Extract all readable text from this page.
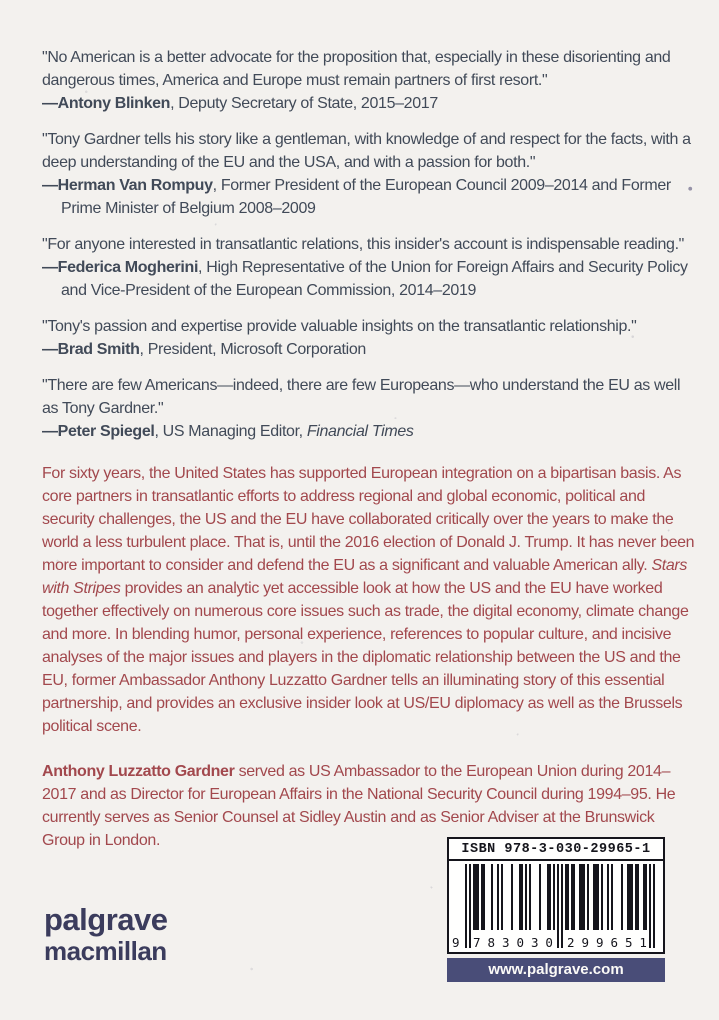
"No American is a better advocate for the proposition that, especially in these disorienting and dangerous times, America and Europe must remain partners of first resort."

—Antony Blinken, Deputy Secretary of State, 2015–2017

"Tony Gardner tells his story like a gentleman, with knowledge of and respect for the facts, with a deep understanding of the EU and the USA, and with a passion for both."

—Herman Van Rompuy, Former President of the European Council 2009–2014 and Former Prime Minister of Belgium 2008–2009

"For anyone interested in transatlantic relations, this insider's account is indispensable reading."

—Federica Mogherini, High Representative of the Union for Foreign Affairs and Security Policy and Vice-President of the European Commission, 2014–2019

"Tony's passion and expertise provide valuable insights on the transatlantic relationship."

—Brad Smith, President, Microsoft Corporation

"There are few Americans—indeed, there are few Europeans—who understand the EU as well as Tony Gardner."

—Peter Spiegel, US Managing Editor, Financial Times

For sixty years, the United States has supported European integration on a bipartisan basis. As core partners in transatlantic efforts to address regional and global economic, political and security challenges, the US and the EU have collaborated critically over the years to make the world a less turbulent place. That is, until the 2016 election of Donald J. Trump. It has never been more important to consider and defend the EU as a significant and valuable American ally. Stars with Stripes provides an analytic yet accessible look at how the US and the EU have worked together effectively on numerous core issues such as trade, the digital economy, climate change and more. In blending humor, personal experience, references to popular culture, and incisive analyses of the major issues and players in the diplomatic relationship between the US and the EU, former Ambassador Anthony Luzzatto Gardner tells an illuminating story of this essential partnership, and provides an exclusive insider look at US/EU diplomacy as well as the Brussels political scene.

Anthony Luzzatto Gardner served as US Ambassador to the European Union during 2014–2017 and as Director for European Affairs in the National Security Council during 1994–95. He currently serves as Senior Counsel at Sidley Austin and as Senior Adviser at the Brunswick Group in London.

palgrave
macmillan
ISBN 978-3-030-29965-1
9 7 8 3 0 3 0 2 9 9 6 5 1
www.palgrave.com
